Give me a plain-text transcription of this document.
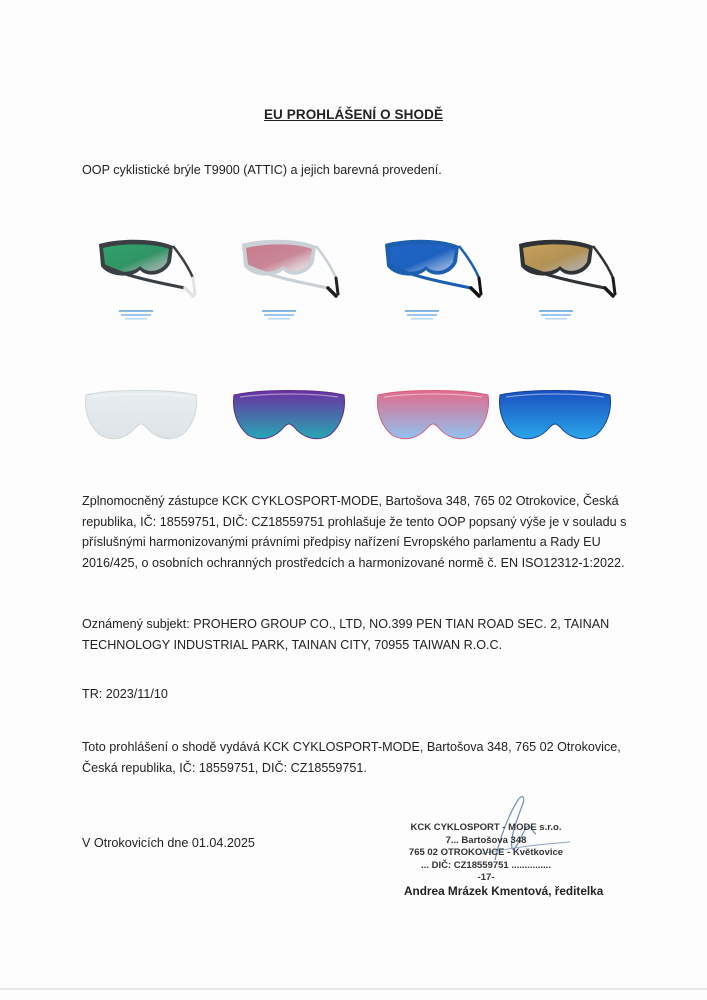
EU PROHLÁŠENÍ O SHODĚ
OOP cyklistické brýle T9900 (ATTIC) a jejich barevná provedení.
Zplnomocněný zástupce KCK CYKLOSPORT-MODE, Bartošova 348, 765 02 Otrokovice, Česká republika, IČ: 18559751, DIČ: CZ18559751 prohlašuje že tento OOP popsaný výše je v souladu s příslušnými harmonizovanými právními předpisy nařízení Evropského parlamentu a Rady EU 2016/425, o osobních ochranných prostředcích a harmonizované normě č. EN ISO12312-1:2022.
Oznámený subjekt: PROHERO GROUP CO., LTD, NO.399 PEN TIAN ROAD SEC. 2, TAINAN TECHNOLOGY INDUSTRIAL PARK, TAINAN CITY, 70955 TAIWAN R.O.C.
TR: 2023/11/10
Toto prohlášení o shodě vydává KCK CYKLOSPORT-MODE, Bartošova 348, 765 02 Otrokovice, Česká republika, IČ: 18559751, DIČ: CZ18559751.
V Otrokovicích dne 01.04.2025
KCK CYKLOSPORT - MODE s.r.o.
7... Bartošova 348
765 02 OTROKOVICE - Květkovice
... DIČ: CZ18559751 ...............
-17-
Andrea Mrázek Kmentová, ředitelka
